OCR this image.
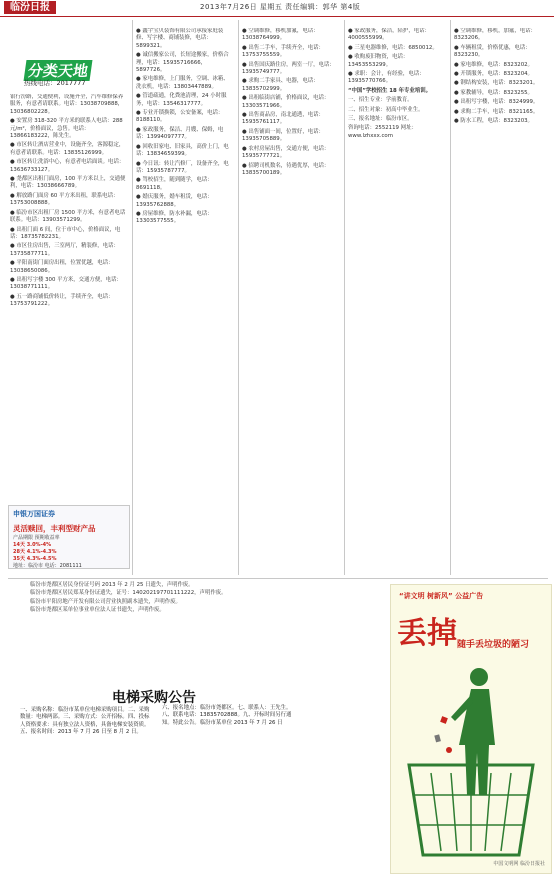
临汾日报	2013年7月26日 星期五 责任编辑：郭华 第4版
分类天地
热线电话：2017777

银行汾路，交通便利，设施齐全，汽车维修保养服务，有意者请联系。电话：13038709888，13036802228。

● 安置房 318-320 平方米的联系人电话：288 元/m²，价格面议，急售。电话：13866183222，陈先生。

● 市区转让酒店营业中，设施齐全，客源稳定，有意者请联系。电话：13835126999。

● 市区转让洗浴中心，有意者电话面谈。电话：13636733127。

● 尧都区出租门面房，100 平方米以上，交通便利，电话：13038666789。

● 解放路门面房 60 平方米出租，联系电话：13753008888。

● 临汾市区出租厂房 1500 平方米，有意者电话联系。电话：13903571299。

● 出租门面 6 间，位于市中心，价格面议，电话：18735782231。

● 市区住房出售，三室两厅，精装修，电话：13735877711。

● 平阳南街门面房出租，位置优越，电话：13038650086。

● 出租写字楼 300 平方米，交通方便，电话：13038771111。

● 五一路商铺低价转让，手续齐全，电话：13753791222。

申银万国证券
灵活赎回，丰利型财产品
产品期限 预期收益率
14天 3.0%-4%
28天 4.1%-4.3%
35天 4.3%-4.5%
地址：临汾市 电话：2081111

● 鑫宇宝贝装饰有限公司承接家庭装修、写字楼、商铺装修，电话：5899321。

● 诚信搬家公司，长短途搬家，价格合理，电话：15935716666，5897726。

● 家电维修，上门服务，空调、冰箱、洗衣机，电话：13803447889。

● 管道疏通，化粪池清理，24 小时服务，电话：13546317777。

● 专业开锁换锁，公安备案，电话：8188110。

● 家政服务，保洁、月嫂、保姆，电话：13994097777。

● 回收旧家电、旧家具，高价上门，电话：13834659399。

● 今日讯：转让汽修厂，设备齐全，电话：15935787777。

● 驾校招生，随到随学，电话：8691118。

● 婚庆服务，婚车租赁，电话：13935762888。

● 房屋维修，防水补漏，电话：13303577555。

● 空调维修，移机加氟，电话：13038764999。

● 出售二手车，手续齐全，电话：13753755559。

● 出售国庆路住房，两室一厅，电话：13935749777。

● 求购二手家具、电器，电话：13835702999。

● 出租临街店铺，价格面议，电话：13303571966。

● 出售商品房，南北通透，电话：15935761117。

● 出售铺面一间，位置好，电话：13935705889。

● 农村房屋出售，交通方便，电话：15935777721。

● 招聘司机数名，待遇优厚，电话：13835700189。

● 家政服务，保洁，陪护，电话：4000555999。

● 三星电器维修，电话：6850012。

● 收购废旧物资，电话：13453553299。

● 求职：会计，有经验，电话：13935770766。

“中国”学校招生 18 年专业培训。

一、招生专业：学前教育。

二、招生对象：初高中毕业生。

三、报名地址：临汾市区。

咨询电话：2552119 网址：www.lzhxxx.com

● 空调维修，移机，加氟，电话：8323206。

● 车辆租赁，价格优惠，电话：8323230。

● 家电维修，电话：8323202。

● 开锁服务，电话：8323204。

● 钢结构安装，电话：8323201。

● 家教辅导，电话：8323255。

● 出租写字楼，电话：8324999。

● 求购二手车，电话：8321165。

● 防水工程，电话：8323203。

临汾市尧都区居民身份证号码 2013 年 2 月 25 日遗失，声明作废。

临汾市尧都区居民郑某身份证遗失，证号：140202197701111222，声明作废。

临汾市平阳房地产开发有限公司营业执照副本遗失，声明作废。

临汾市尧都区某单位事业单位法人证书遗失，声明作废。

电梯采购公告
一、采购名称：临汾市某单位电梯采购项目。二、采购数量：电梯两部。三、采购方式：公开招标。四、投标人资格要求：具有独立法人资格，具备电梯安装资质。五、报名时间：2013 年 7 月 26 日至 8 月 2 日。
六、报名地点：临汾市尧都区。七、联系人：王先生。八、联系电话：13835702888。九、开标时间另行通知。特此公告。临汾市某单位 2013 年 7 月 26 日
“讲文明 树新风” 公益广告
丢掉 随手丢垃圾的陋习
中国文明网 临汾日报社
